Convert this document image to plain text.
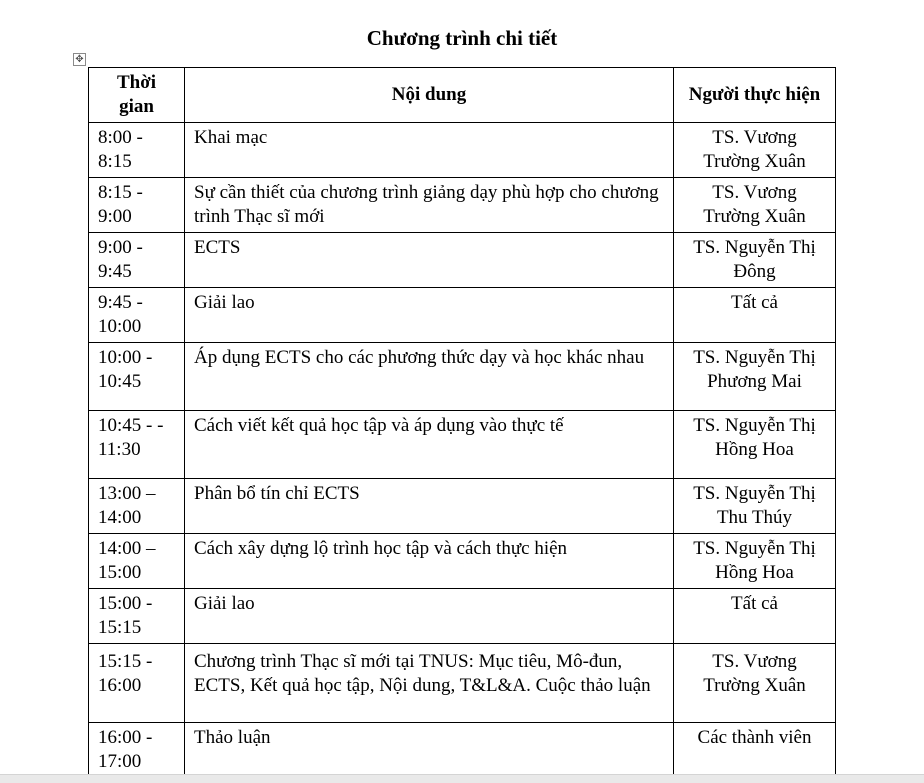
Chương trình chi tiết
✥
Thời gian	Nội dung	Người thực hiện
8:00 -
8:15	Khai mạc	TS. Vương Trường Xuân
8:15 -
9:00	Sự cần thiết của chương trình giảng dạy phù hợp cho chương trình Thạc sĩ mới	TS. Vương Trường Xuân
9:00 -
9:45	ECTS	TS. Nguyễn Thị Đông
9:45 -
10:00	Giải lao	Tất cả
10:00 -
10:45	Áp dụng ECTS cho các phương thức dạy và học khác nhau	TS. Nguyễn Thị Phương Mai
10:45 - -
11:30	Cách viết kết quả học tập và áp dụng vào thực tế	TS. Nguyễn Thị Hồng Hoa
13:00 –
14:00	Phân bổ tín chỉ ECTS	TS. Nguyễn Thị Thu Thúy
14:00 –
15:00	Cách xây dựng lộ trình học tập và cách thực hiện	TS. Nguyễn Thị Hồng Hoa
15:00 -
15:15	Giải lao	Tất cả
15:15 -
16:00	Chương trình Thạc sĩ mới tại TNUS: Mục tiêu, Mô-đun, ECTS, Kết quả học tập, Nội dung, T&L&A. Cuộc thảo luận	TS. Vương Trường Xuân
16:00 -
17:00	Thảo luận	Các thành viên
